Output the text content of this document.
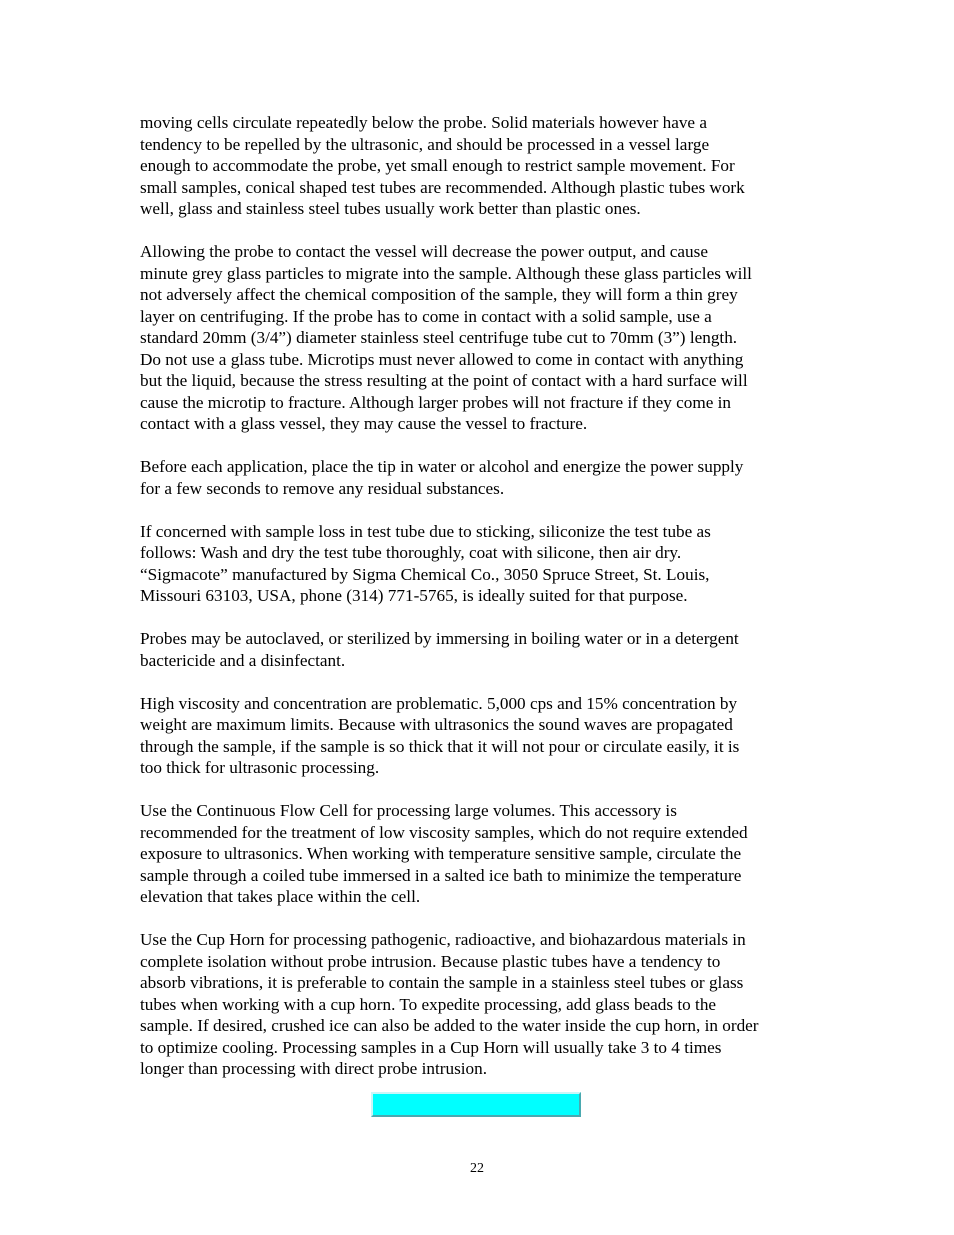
moving cells circulate repeatedly below the probe. Solid materials however have a
tendency to be repelled by the ultrasonic, and should be processed in a vessel large
enough to accommodate the probe, yet small enough to restrict sample movement. For
small samples, conical shaped test tubes are recommended. Although plastic tubes work
well, glass and stainless steel tubes usually work better than plastic ones.

Allowing the probe to contact the vessel will decrease the power output, and cause
minute grey glass particles to migrate into the sample. Although these glass particles will
not adversely affect the chemical composition of the sample, they will form a thin grey
layer on centrifuging. If the probe has to come in contact with a solid sample, use a
standard 20mm (3/4”) diameter stainless steel centrifuge tube cut to 70mm (3”) length.
Do not use a glass tube. Microtips must never allowed to come in contact with anything
but the liquid, because the stress resulting at the point of contact with a hard surface will
cause the microtip to fracture. Although larger probes will not fracture if they come in
contact with a glass vessel, they may cause the vessel to fracture.

Before each application, place the tip in water or alcohol and energize the power supply
for a few seconds to remove any residual substances.

If concerned with sample loss in test tube due to sticking, siliconize the test tube as
follows: Wash and dry the test tube thoroughly, coat with silicone, then air dry.
“Sigmacote” manufactured by Sigma Chemical Co., 3050 Spruce Street, St. Louis,
Missouri 63103, USA, phone (314) 771-5765, is ideally suited for that purpose.

Probes may be autoclaved, or sterilized by immersing in boiling water or in a detergent
bactericide and a disinfectant.

High viscosity and concentration are problematic. 5,000 cps and 15% concentration by
weight are maximum limits. Because with ultrasonics the sound waves are propagated
through the sample, if the sample is so thick that it will not pour or circulate easily, it is
too thick for ultrasonic processing.

Use the Continuous Flow Cell for processing large volumes. This accessory is
recommended for the treatment of low viscosity samples, which do not require extended
exposure to ultrasonics. When working with temperature sensitive sample, circulate the
sample through a coiled tube immersed in a salted ice bath to minimize the temperature
elevation that takes place within the cell.

Use the Cup Horn for processing pathogenic, radioactive, and biohazardous materials in
complete isolation without probe intrusion. Because plastic tubes have a tendency to
absorb vibrations, it is preferable to contain the sample in a stainless steel tubes or glass
tubes when working with a cup horn. To expedite processing, add glass beads to the
sample. If desired, crushed ice can also be added to the water inside the cup horn, in order
to optimize cooling. Processing samples in a Cup Horn will usually take 3 to 4 times
longer than processing with direct probe intrusion.

22
